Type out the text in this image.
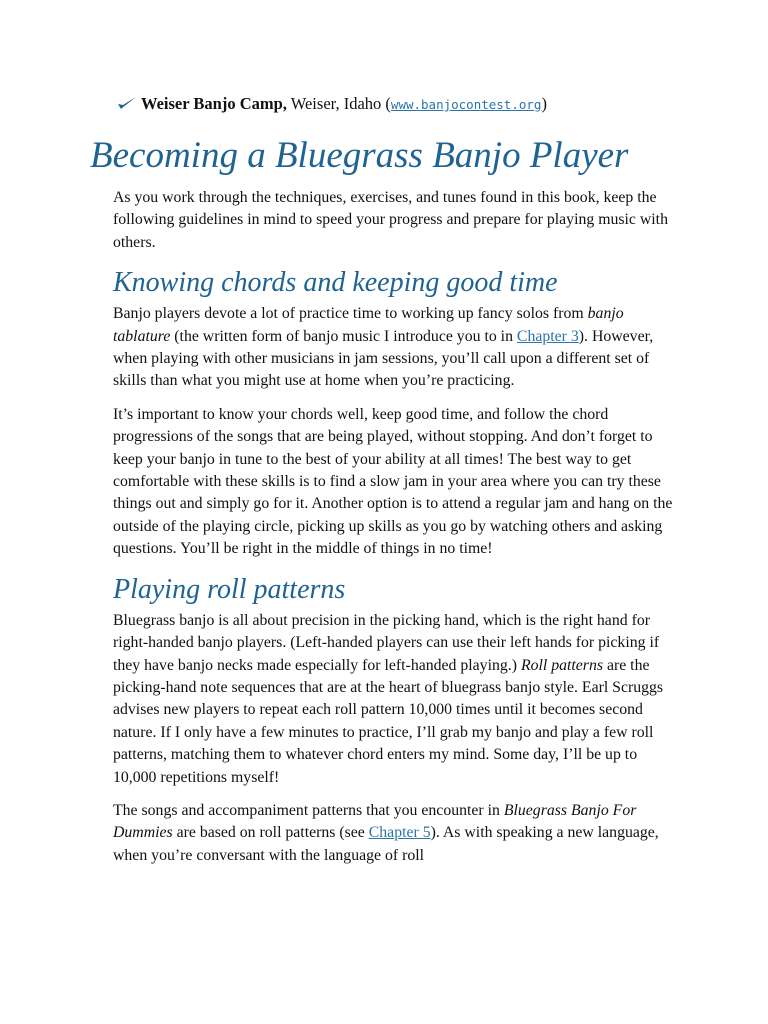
Weiser Banjo Camp, Weiser, Idaho (www.banjocontest.org)
Becoming a Bluegrass Banjo Player

As you work through the techniques, exercises, and tunes found in this book, keep the following guidelines in mind to speed your progress and prepare for playing music with others.

Knowing chords and keeping good time

Banjo players devote a lot of practice time to working up fancy solos from banjo tablature (the written form of banjo music I introduce you to in Chapter 3). However, when playing with other musicians in jam sessions, you’ll call upon a different set of skills than what you might use at home when you’re practicing.

It’s important to know your chords well, keep good time, and follow the chord progressions of the songs that are being played, without stopping. And don’t forget to keep your banjo in tune to the best of your ability at all times! The best way to get comfortable with these skills is to find a slow jam in your area where you can try these things out and simply go for it. Another option is to attend a regular jam and hang on the outside of the playing circle, picking up skills as you go by watching others and asking questions. You’ll be right in the middle of things in no time!

Playing roll patterns

Bluegrass banjo is all about precision in the picking hand, which is the right hand for right-handed banjo players. (Left-handed players can use their left hands for picking if they have banjo necks made especially for left-handed playing.) Roll patterns are the picking-hand note sequences that are at the heart of bluegrass banjo style. Earl Scruggs advises new players to repeat each roll pattern 10,000 times until it becomes second nature. If I only have a few minutes to practice, I’ll grab my banjo and play a few roll patterns, matching them to whatever chord enters my mind. Some day, I’ll be up to 10,000 repetitions myself!

The songs and accompaniment patterns that you encounter in Bluegrass Banjo For Dummies are based on roll patterns (see Chapter 5). As with speaking a new language, when you’re conversant with the language of roll
